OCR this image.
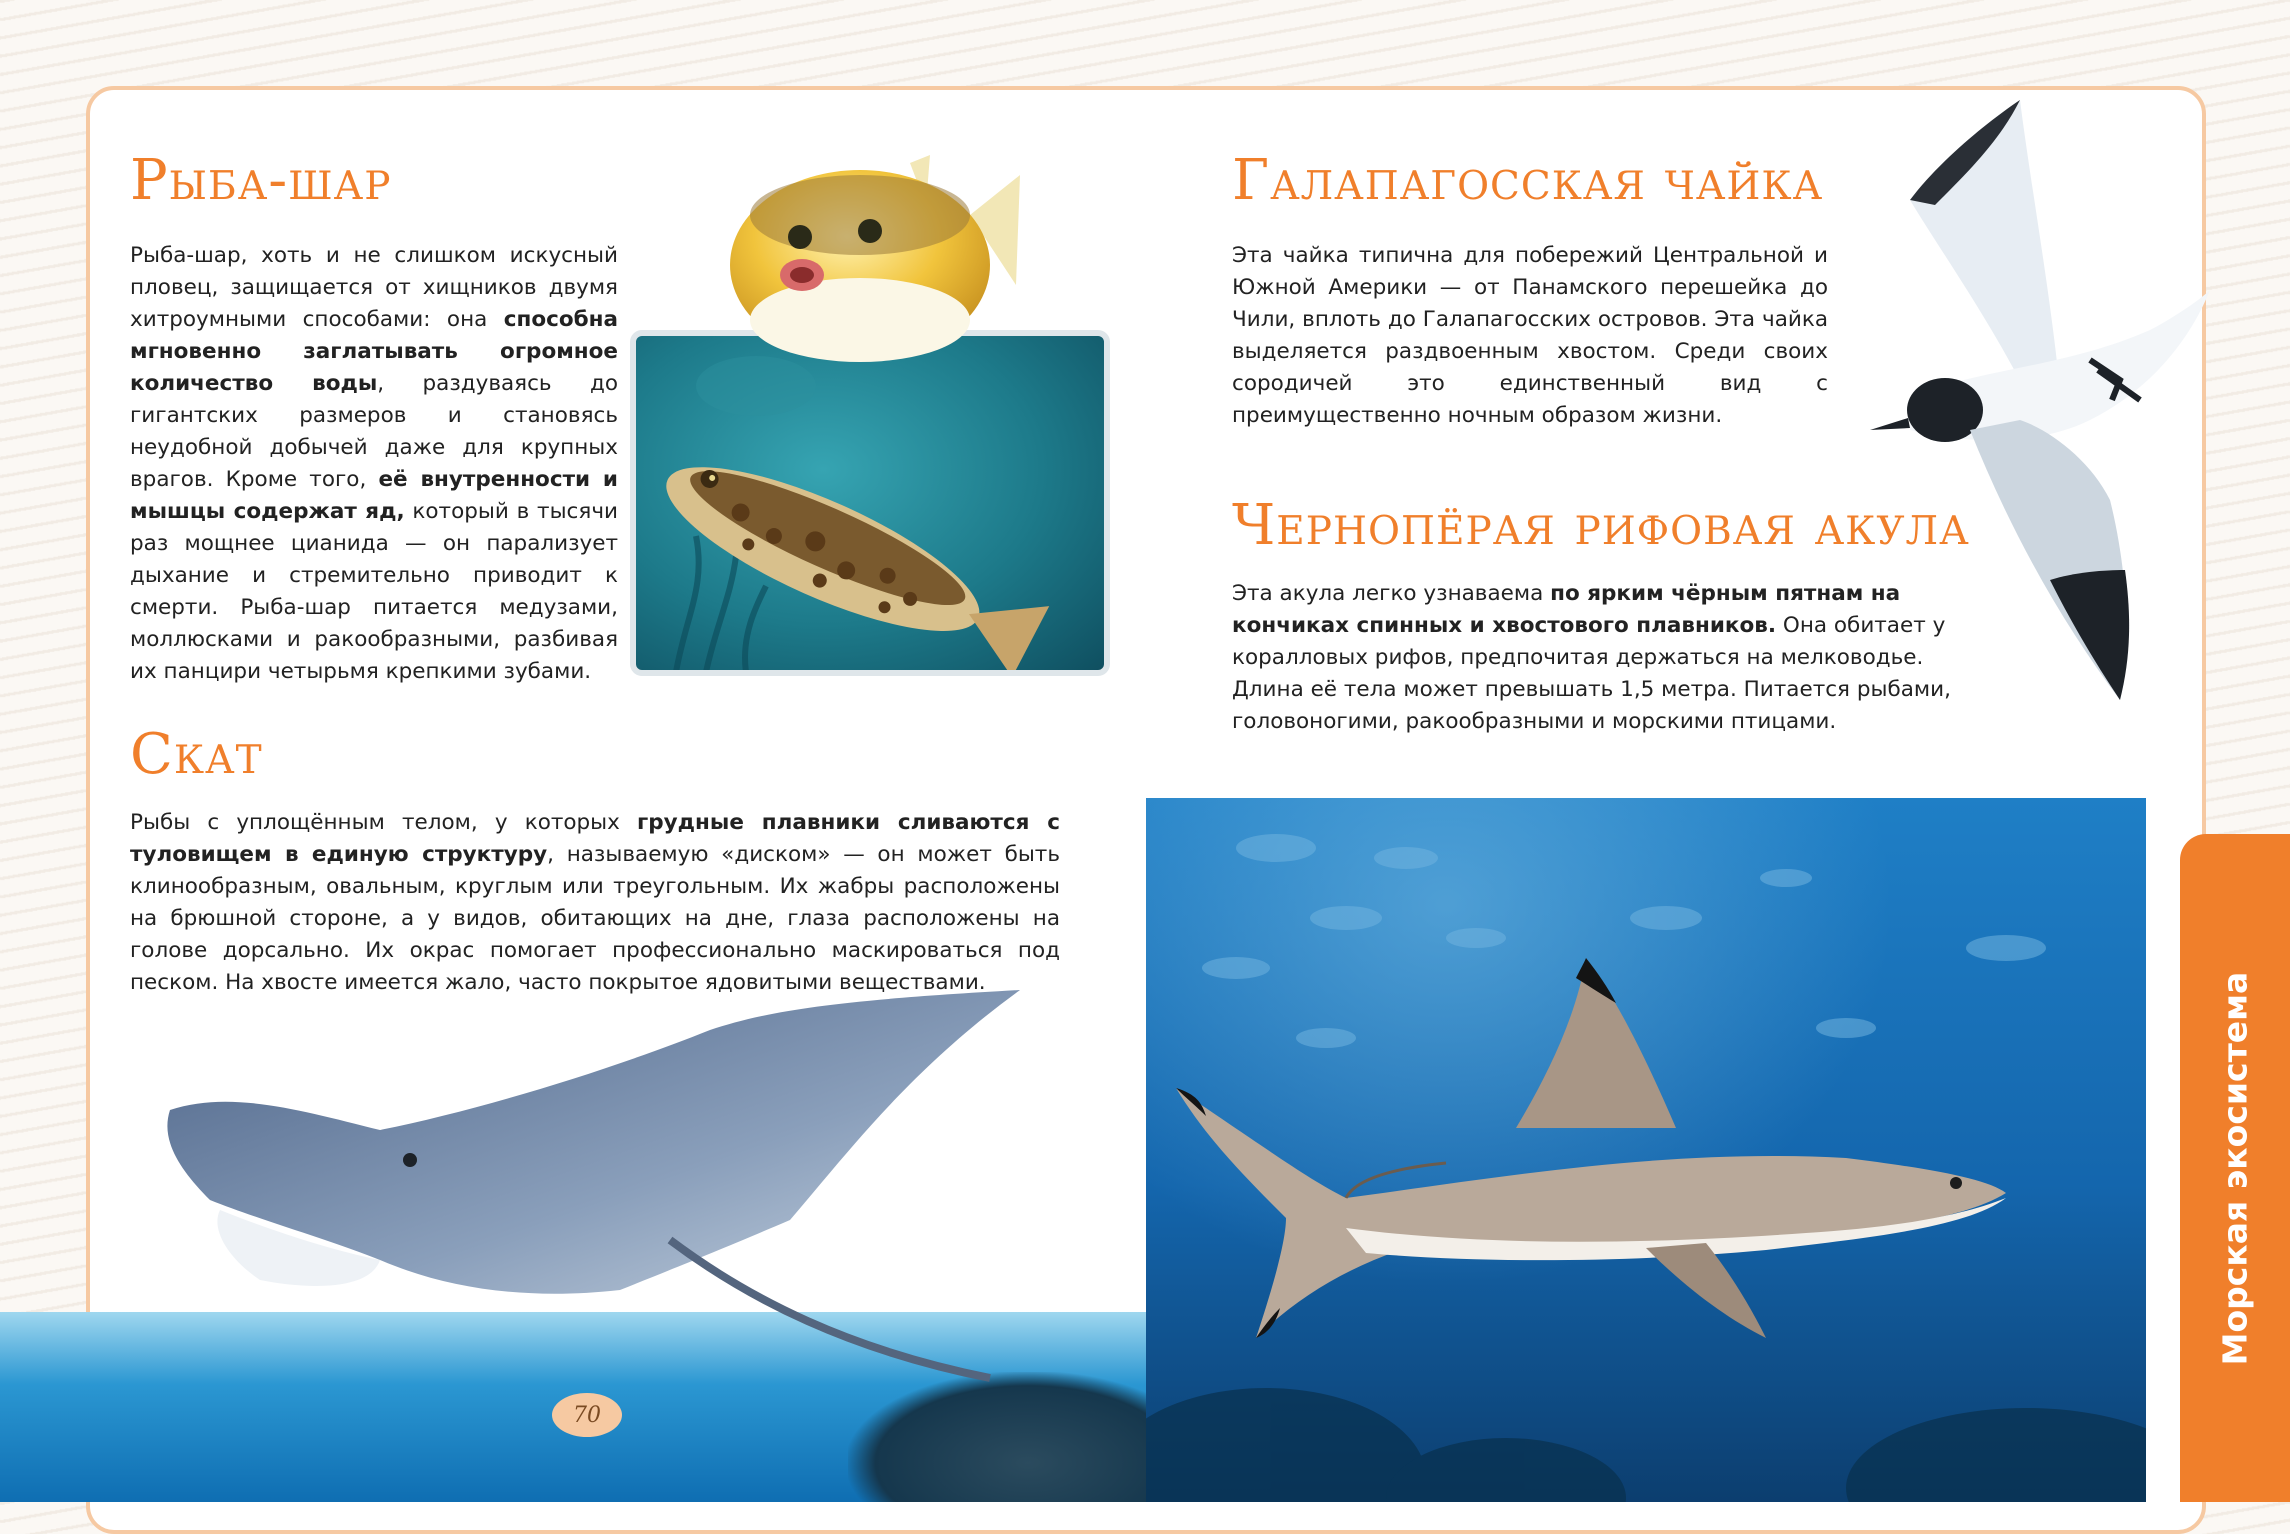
Рыба-шар

Рыба-шар, хоть и не слишком искусный пловец, защищается от хищников двумя хитроумными способами: она способна мгновенно заглатывать огромное количество воды, раздуваясь до гигантских размеров и становясь неудобной добычей даже для крупных врагов. Кроме того, её внутренности и мышцы содержат яд, который в тысячи раз мощнее цианида — он парализует дыхание и стремительно приводит к смерти. Рыба-шар питается медузами, моллюсками и ракообразными, разбивая их панцири четырьмя крепкими зубами.

Галапагосская чайка

Эта чайка типична для побережий Центральной и Южной Америки — от Панамского перешейка до Чили, вплоть до Галапагосских островов. Эта чайка выделяется раздвоенным хвостом. Среди своих сородичей это единственный вид с преимущественно ночным образом жизни.

Чернопёрая рифовая акула

Эта акула легко узнаваема по ярким чёрным пятнам на кончиках спинных и хвостового плавников. Она обитает у коралловых рифов, предпочитая держаться на мелководье. Длина её тела может превышать 1,5 метра. Питается рыбами, головоногими, ракообразными и морскими птицами.

Скат

Рыбы с уплощённым телом, у которых грудные плавники сливаются с туловищем в единую структуру, называемую «диском» — он может быть клинообразным, овальным, круглым или треугольным. Их жабры расположены на брюшной стороне, а у видов, обитающих на дне, глаза расположены на голове дорсально. Их окрас помогает профессионально маскироваться под песком. На хвосте имеется жало, часто покрытое ядовитыми веществами.

70
Морская экосистема
